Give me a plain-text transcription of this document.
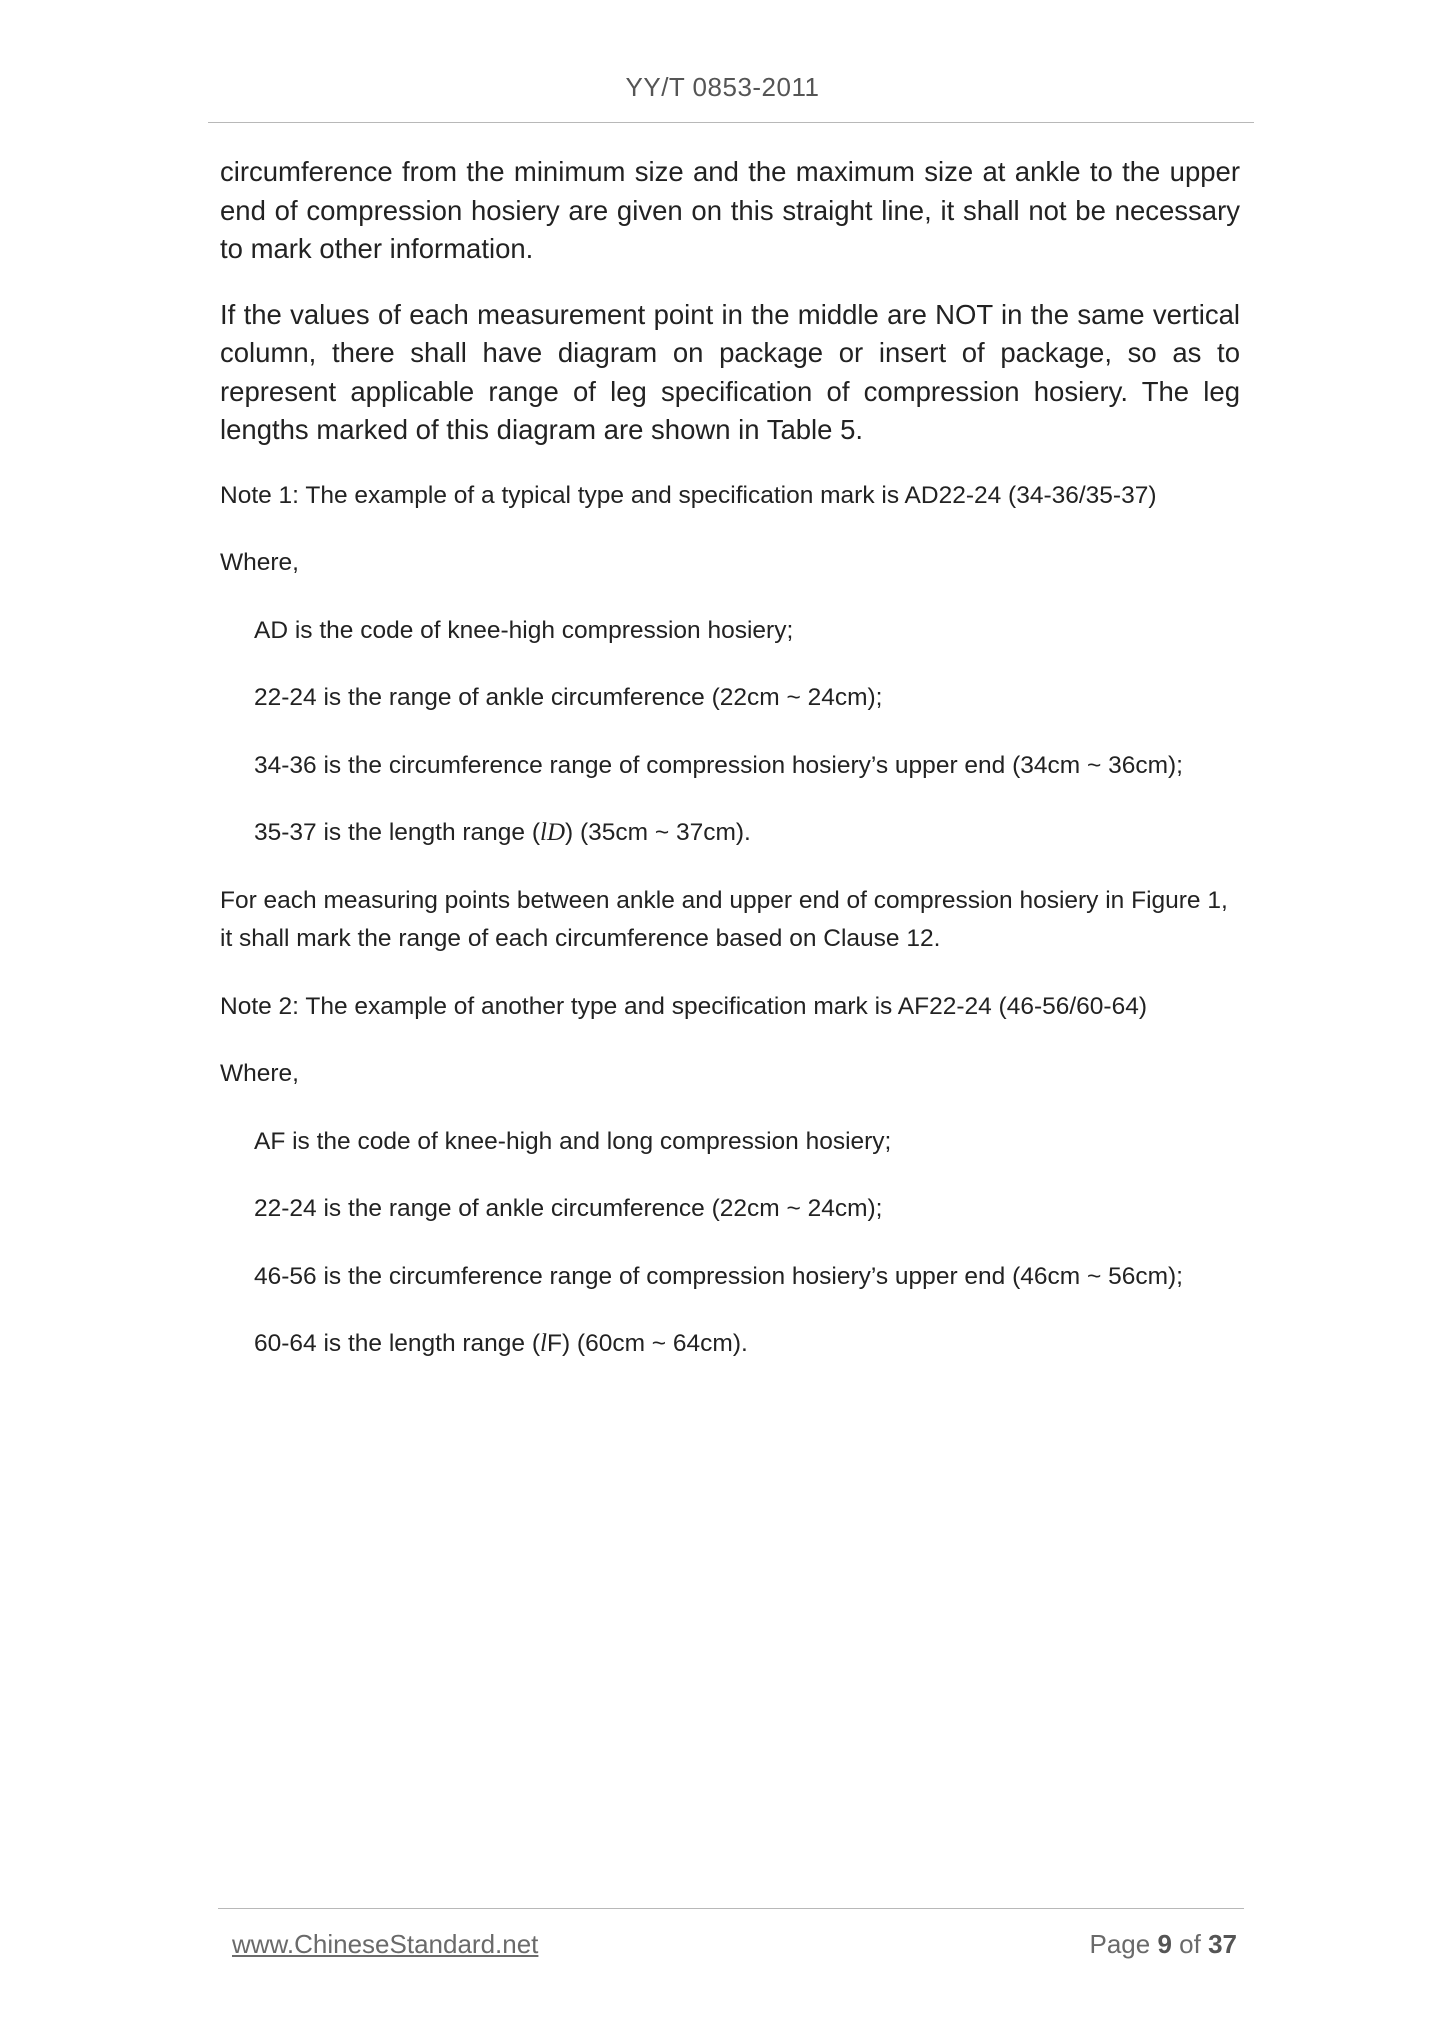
YY/T 0853-2011

circumference from the minimum size and the maximum size at ankle to the upper end of compression hosiery are given on this straight line, it shall not be necessary to mark other information.

If the values of each measurement point in the middle are NOT in the same vertical column, there shall have diagram on package or insert of package, so as to represent applicable range of leg specification of compression hosiery. The leg lengths marked of this diagram are shown in Table 5.

Note 1: The example of a typical type and specification mark is AD22-24 (34-36/35-37)

Where,

AD is the code of knee-high compression hosiery;

22-24 is the range of ankle circumference (22cm ~ 24cm);

34-36 is the circumference range of compression hosiery’s upper end (34cm ~ 36cm);

35-37 is the length range (lD) (35cm ~ 37cm).

For each measuring points between ankle and upper end of compression hosiery in Figure 1, it shall mark the range of each circumference based on Clause 12.

Note 2: The example of another type and specification mark is AF22-24 (46-56/60-64)

Where,

AF is the code of knee-high and long compression hosiery;

22-24 is the range of ankle circumference (22cm ~ 24cm);

46-56 is the circumference range of compression hosiery’s upper end (46cm ~ 56cm);

60-64 is the length range (lF) (60cm ~ 64cm).

www.ChineseStandard.net	Page 9 of 37
